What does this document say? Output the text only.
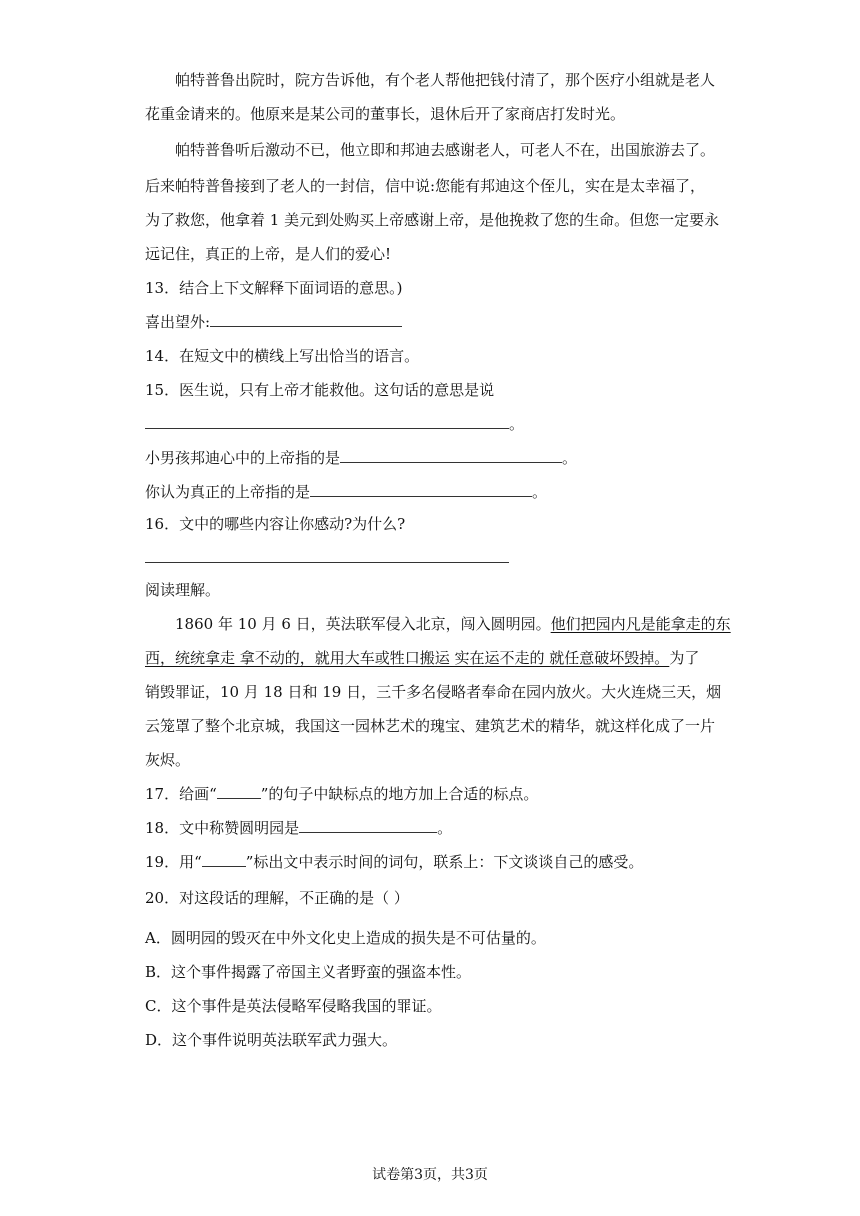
帕特普鲁出院时，院方告诉他，有个老人帮他把钱付清了，那个医疗小组就是老人
花重金请来的。他原来是某公司的董事长，退休后开了家商店打发时光。
帕特普鲁听后激动不已，他立即和邦迪去感谢老人，可老人不在，出国旅游去了。
后来帕特普鲁接到了老人的一封信，信中说:您能有邦迪这个侄儿，实在是太幸福了，
为了救您，他拿着 1 美元到处购买上帝感谢上帝，是他挽救了您的生命。但您一定要永
远记住，真正的上帝，是人们的爱心!
13．结合上下文解释下面词语的意思。)
喜出望外:
14．在短文中的横线上写出恰当的语言。
15．医生说，只有上帝才能救他。这句话的意思是说
。
小男孩邦迪心中的上帝指的是	。
你认为真正的上帝指的是	。
16．文中的哪些内容让你感动?为什么?
阅读理解。
1860 年 10 月 6 日，英法联军侵入北京，闯入圆明园。他们把园内凡是能拿走的东
西，统统拿走 拿不动的，就用大车或牲口搬运 实在运不走的 就任意破坏毁掉。为了
销毁罪证，10 月 18 日和 19 日，三千多名侵略者奉命在园内放火。大火连烧三天，烟
云笼罩了整个北京城，我国这一园林艺术的瑰宝、建筑艺术的精华，就这样化成了一片
灰烬。
17．给画“	”的句子中缺标点的地方加上合适的标点。
18．文中称赞圆明园是	。
19．用“	”标出文中表示时间的词句，联系上：下文谈谈自己的感受。
20．对这段话的理解，不正确的是（ ）
A．圆明园的毁灭在中外文化史上造成的损失是不可估量的。
B．这个事件揭露了帝国主义者野蛮的强盗本性。
C．这个事件是英法侵略军侵略我国的罪证。
D．这个事件说明英法联军武力强大。
试卷第3页，共3页
